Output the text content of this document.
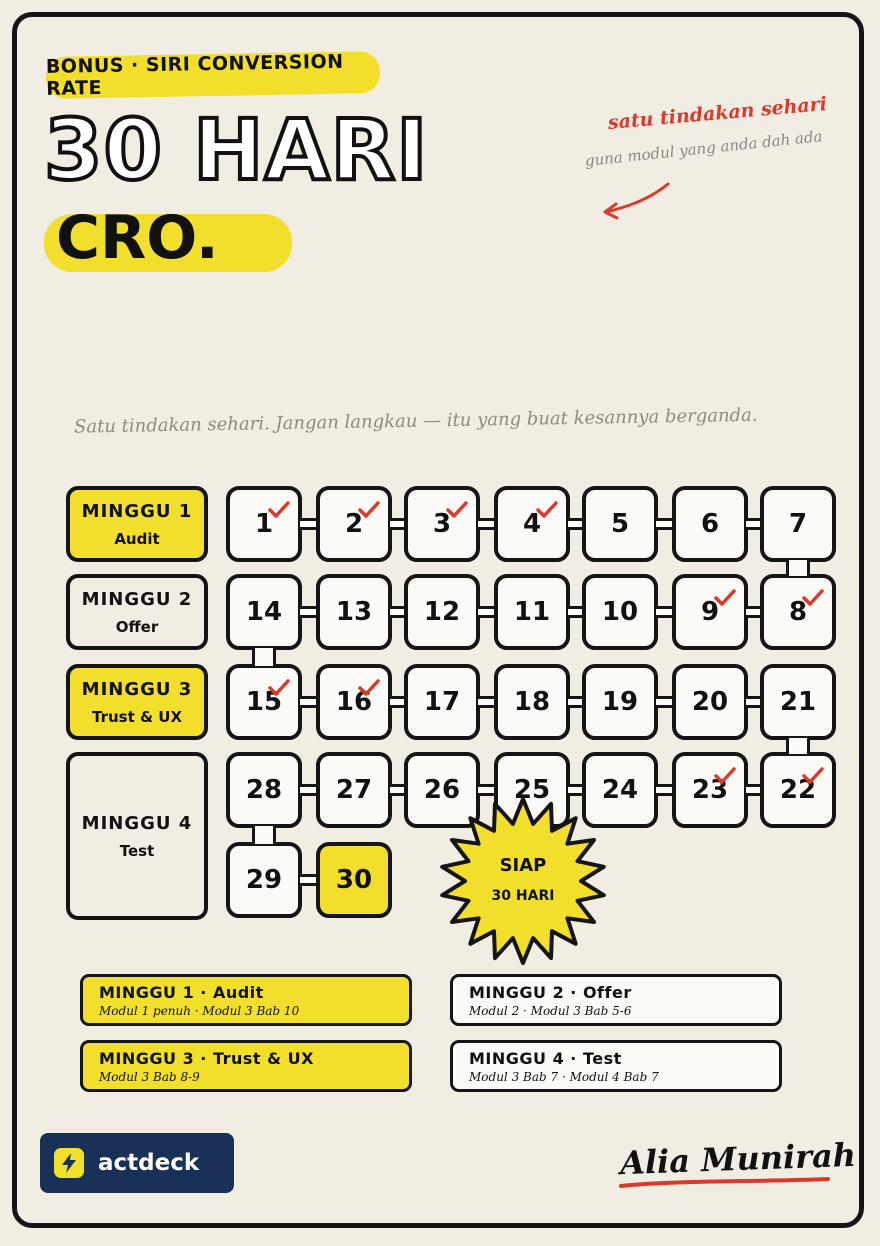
BONUS · SIRI CONVERSION RATE
30 HARI
CRO.
satu tindakan sehari
guna modul yang anda dah ada
Satu tindakan sehari. Jangan langkau — itu yang buat kesannya berganda.
MINGGU 1
Audit
MINGGU 2
Offer
MINGGU 3
Trust & UX
MINGGU 4
Test
1	2	3	4	5	6	7
14 13 12 11 10 9	8
15 16 17 18 19 20 21
28 27 26 25 24 23 22
29 30	SIAP
30 HARI
MINGGU 1 · Audit
Modul 1 penuh · Modul 3 Bab 10
MINGGU 2 · Offer
Modul 2 · Modul 3 Bab 5-6
MINGGU 3 · Trust & UX
Modul 3 Bab 8-9
MINGGU 4 · Test
Modul 3 Bab 7 · Modul 4 Bab 7
actdeck	Alia Munirah
